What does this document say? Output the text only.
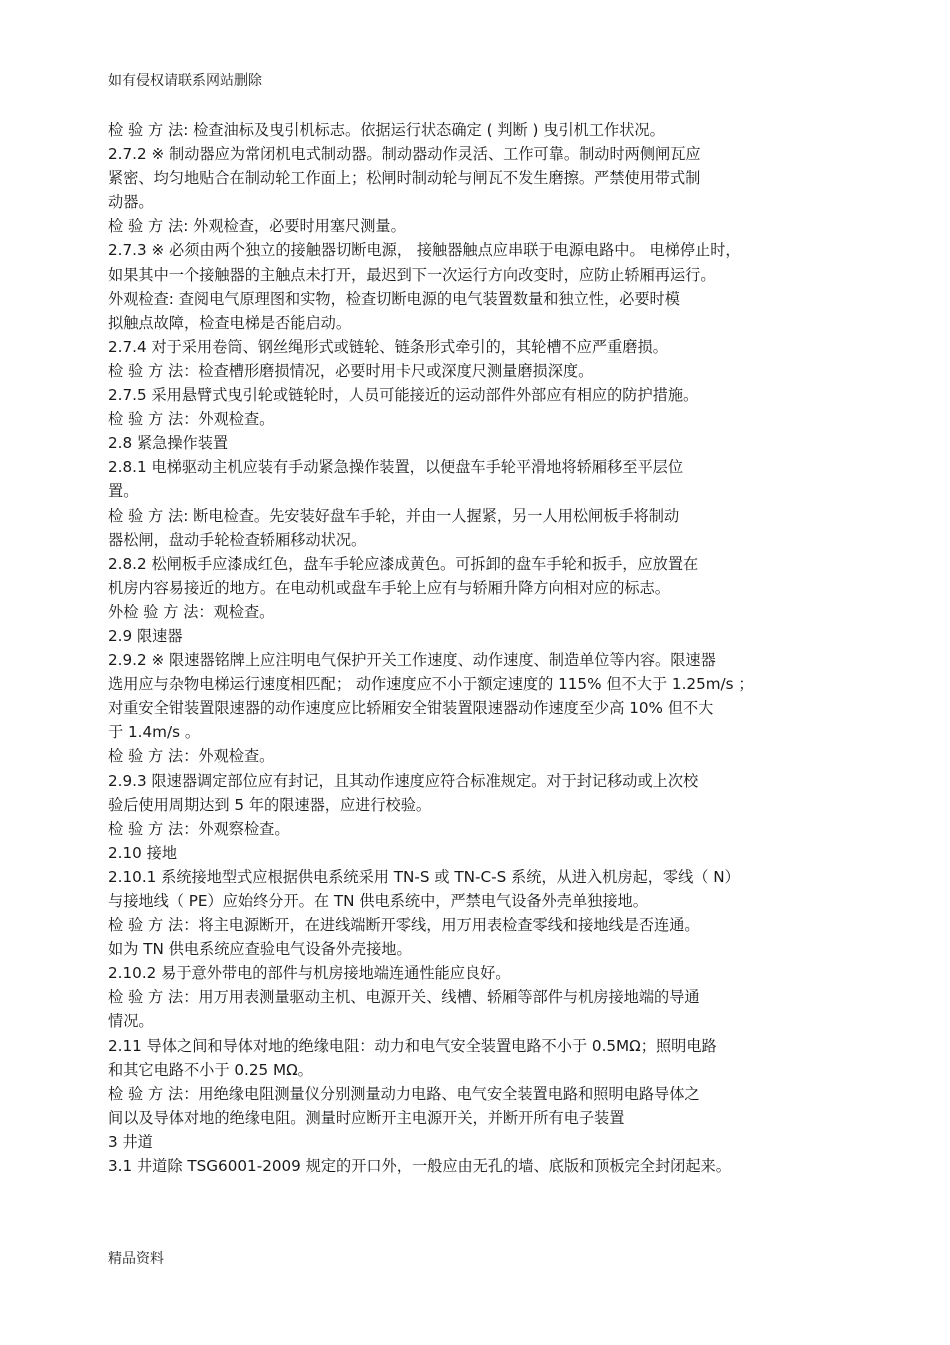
如有侵权请联系网站删除
检 验 方 法: 检查油标及曳引机标志。依据运行状态确定 ( 判断 ) 曳引机工作状况。
2.7.2 ※ 制动器应为常闭机电式制动器。制动器动作灵活、工作可靠。制动时两侧闸瓦应
紧密、均匀地贴合在制动轮工作面上；松闸时制动轮与闸瓦不发生磨擦。严禁使用带式制
动器。
检 验 方 法: 外观检查，必要时用塞尺测量。
2.7.3 ※ 必须由两个独立的接触器切断电源， 接触器触点应串联于电源电路中。 电梯停止时，
如果其中一个接触器的主触点未打开，最迟到下一次运行方向改变时，应防止轿厢再运行。
外观检查: 查阅电气原理图和实物，检查切断电源的电气装置数量和独立性，必要时模
拟触点故障，检查电梯是否能启动。
2.7.4 对于采用卷筒、钢丝绳形式或链轮、链条形式牵引的，其轮槽不应严重磨损。
检 验 方 法：检查槽形磨损情况，必要时用卡尺或深度尺测量磨损深度。
2.7.5 采用悬臂式曳引轮或链轮时，人员可能接近的运动部件外部应有相应的防护措施。
检 验 方 法：外观检查。
2.8 紧急操作装置
2.8.1 电梯驱动主机应装有手动紧急操作装置，以便盘车手轮平滑地将轿厢移至平层位
置。
检 验 方 法: 断电检查。先安装好盘车手轮，并由一人握紧，另一人用松闸板手将制动
器松闸，盘动手轮检查轿厢移动状况。
2.8.2 松闸板手应漆成红色，盘车手轮应漆成黄色。可拆卸的盘车手轮和扳手，应放置在
机房内容易接近的地方。在电动机或盘车手轮上应有与轿厢升降方向相对应的标志。
外检 验 方 法：观检查。
2.9 限速器
2.9.2 ※ 限速器铭牌上应注明电气保护开关工作速度、动作速度、制造单位等内容。限速器
选用应与杂物电梯运行速度相匹配； 动作速度应不小于额定速度的 115% 但不大于 1.25m/s ；
对重安全钳装置限速器的动作速度应比轿厢安全钳装置限速器动作速度至少高 10% 但不大
于 1.4m/s 。
检 验 方 法：外观检查。
2.9.3 限速器调定部位应有封记，且其动作速度应符合标准规定。对于封记移动或上次校
验后使用周期达到 5 年的限速器，应进行校验。
检 验 方 法：外观察检查。
2.10 接地
2.10.1 系统接地型式应根据供电系统采用 TN-S 或 TN-C-S 系统，从进入机房起，零线（ N）
与接地线（ PE）应始终分开。在 TN 供电系统中，严禁电气设备外壳单独接地。
检 验 方 法：将主电源断开，在进线端断开零线，用万用表检查零线和接地线是否连通。
如为 TN 供电系统应查验电气设备外壳接地。
2.10.2 易于意外带电的部件与机房接地端连通性能应良好。
检 验 方 法：用万用表测量驱动主机、电源开关、线槽、轿厢等部件与机房接地端的导通
情况。
2.11 导体之间和导体对地的绝缘电阻：动力和电气安全装置电路不小于 0.5MΩ；照明电路
和其它电路不小于 0.25 MΩ。
检 验 方 法：用绝缘电阻测量仪分别测量动力电路、电气安全装置电路和照明电路导体之
间以及导体对地的绝缘电阻。测量时应断开主电源开关，并断开所有电子装置
3 井道
3.1 井道除 TSG6001-2009 规定的开口外，一般应由无孔的墙、底版和顶板完全封闭起来。
精品资料
